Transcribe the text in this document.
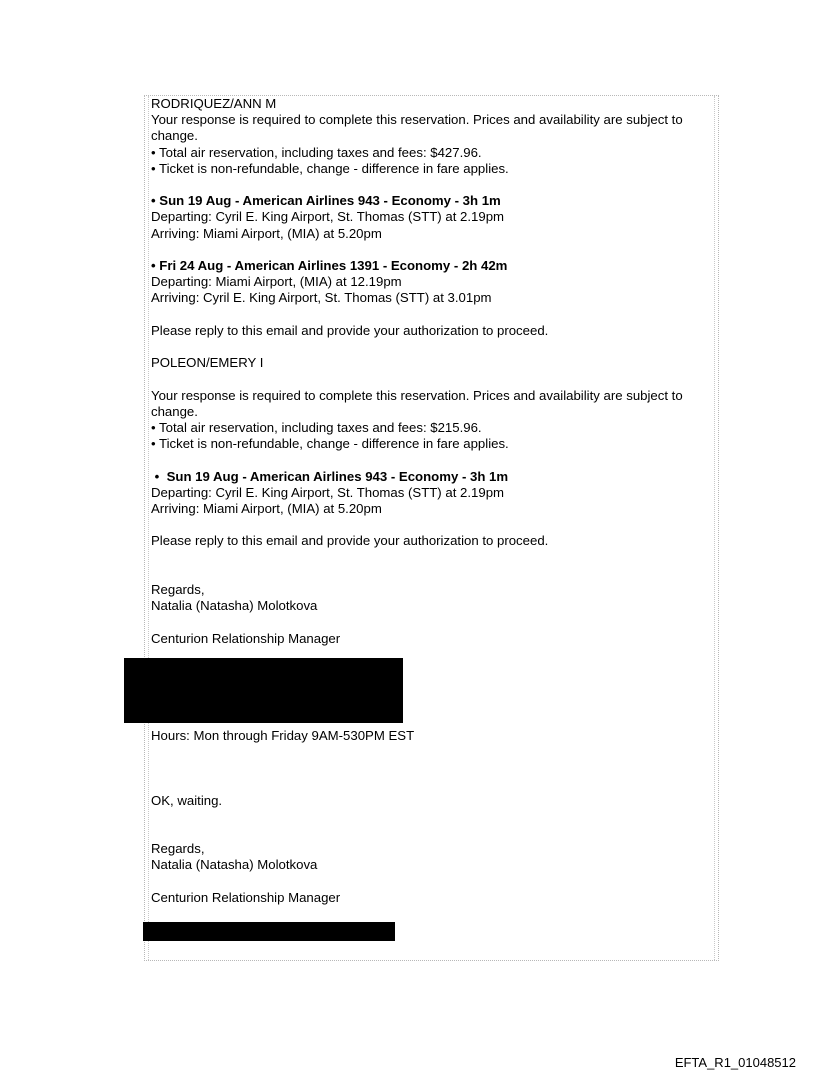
RODRIQUEZ/ANN M

Your response is required to complete this reservation. Prices and availability are subject to change.

• Total air reservation, including taxes and fees: $427.96.

• Ticket is non-refundable, change - difference in fare applies.

• Sun 19 Aug - American Airlines 943 - Economy - 3h 1m

Departing: Cyril E. King Airport, St. Thomas (STT) at 2.19pm

Arriving: Miami Airport, (MIA) at 5.20pm

• Fri 24 Aug - American Airlines 1391 - Economy - 2h 42m

Departing: Miami Airport, (MIA) at 12.19pm

Arriving: Cyril E. King Airport, St. Thomas (STT) at 3.01pm

Please reply to this email and provide your authorization to proceed.

POLEON/EMERY I

Your response is required to complete this reservation. Prices and availability are subject to change.

• Total air reservation, including taxes and fees: $215.96.

• Ticket is non-refundable, change - difference in fare applies.

•  Sun 19 Aug - American Airlines 943 - Economy - 3h 1m

Departing: Cyril E. King Airport, St. Thomas (STT) at 2.19pm

Arriving: Miami Airport, (MIA) at 5.20pm

Please reply to this email and provide your authorization to proceed.

Regards,

Natalia (Natasha) Molotkova

Centurion Relationship Manager

Hours: Mon through Friday 9AM-530PM EST

OK, waiting.

Regards,

Natalia (Natasha) Molotkova

Centurion Relationship Manager

EFTA_R1_01048512
